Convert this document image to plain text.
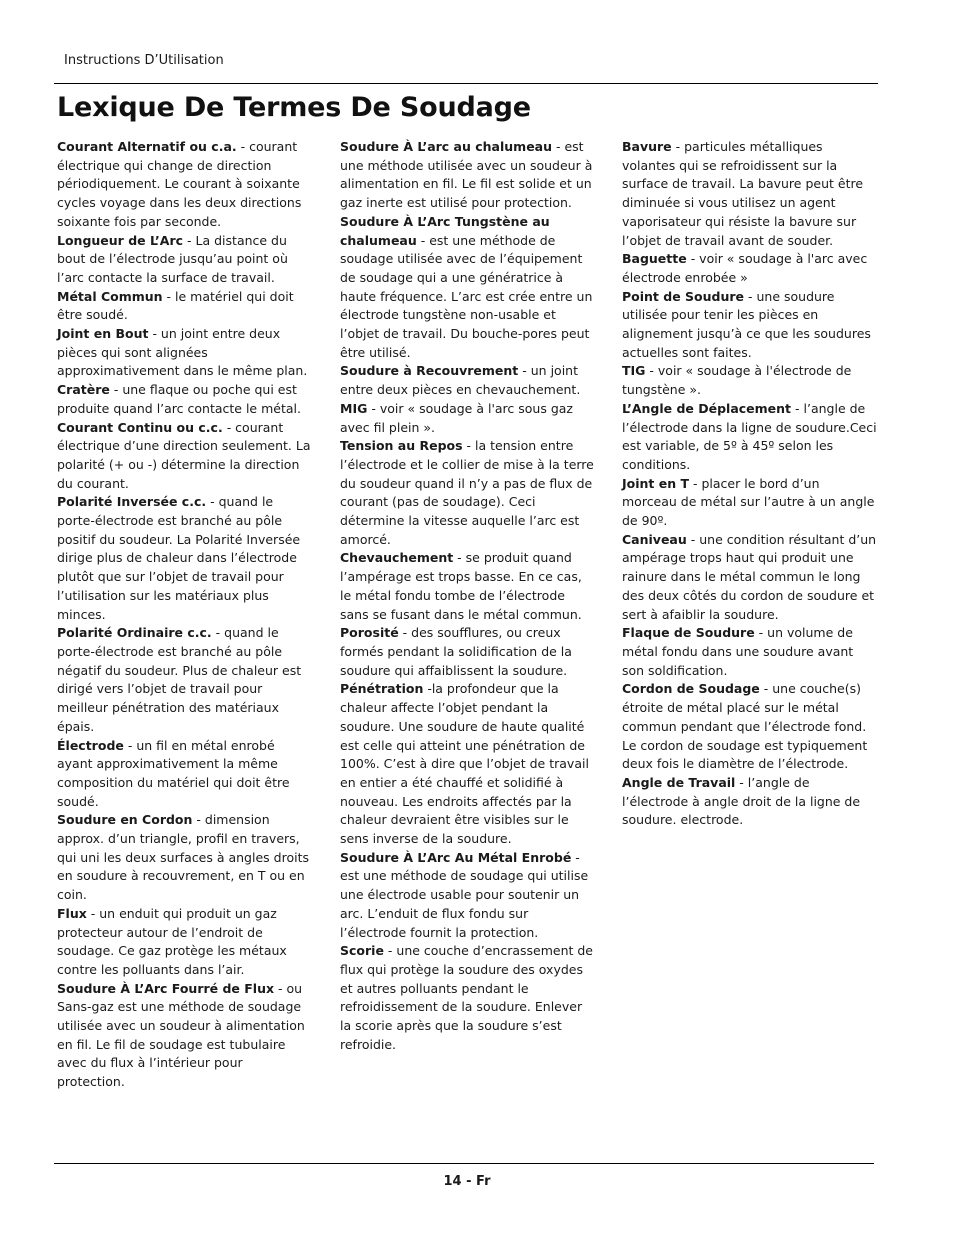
Instructions D’Utilisation
Lexique De Termes De Soudage

Courant Alternatif ou c.a. - courant électrique qui change de direction périodiquement. Le courant à soixante cycles voyage dans les deux directions soixante fois par seconde.

Longueur de L’Arc - La distance du bout de l’électrode jusqu’au point où l’arc contacte la surface de travail.

Métal Commun - le matériel qui doit être soudé.

Joint en Bout - un joint entre deux pièces qui sont alignées approximativement dans le même plan.

Cratère - une flaque ou poche qui est produite quand l’arc contacte le métal.

Courant Continu ou c.c. - courant électrique d’une direction seulement. La polarité (+ ou -) détermine la direction du courant.

Polarité Inversée c.c. - quand le porte-électrode est branché au pôle positif du soudeur. La Polarité Inversée dirige plus de chaleur dans l’électrode plutôt que sur l’objet de travail pour l’utilisation sur les matériaux plus minces.

Polarité Ordinaire c.c. - quand le porte-électrode est branché au pôle négatif du soudeur. Plus de chaleur est dirigé vers l’objet de travail pour meilleur pénétration des matériaux épais.

Électrode - un fil en métal enrobé ayant approximativement la même composition du matériel qui doit être soudé.

Soudure en Cordon - dimension approx. d’un triangle, profil en travers, qui uni les deux surfaces à angles droits en soudure à recouvrement, en T ou en coin.

Flux - un enduit qui produit un gaz protecteur autour de l’endroit de soudage. Ce gaz protège les métaux contre les polluants dans l’air.

Soudure À L’Arc Fourré de Flux - ou Sans-gaz est une méthode de soudage utilisée avec un soudeur à alimentation en fil. Le fil de soudage est tubulaire avec du flux à l’intérieur pour protection.

Soudure À L’arc au chalumeau - est une méthode utilisée avec un soudeur à alimentation en fil. Le fil est solide et un gaz inerte est utilisé pour protection.

Soudure À L’Arc Tungstène au chalumeau - est une méthode de soudage utilisée avec de l’équipement de soudage qui a une génératrice à haute fréquence. L’arc est crée entre un électrode tungstène non-usable et l’objet de travail. Du bouche-pores peut être utilisé.

Soudure à Recouvrement - un joint entre deux pièces en chevauchement.

MIG - voir « soudage à l'arc sous gaz avec fil plein ».

Tension au Repos - la tension entre l’électrode et le collier de mise à la terre du soudeur quand il n’y a pas de flux de courant (pas de soudage). Ceci détermine la vitesse auquelle l’arc est amorcé.

Chevauchement - se produit quand l’ampérage est trops basse. En ce cas, le métal fondu tombe de l’électrode sans se fusant dans le métal commun.

Porosité - des soufflures, ou creux formés pendant la solidification de la soudure qui affaiblissent la soudure.

Pénétration -la profondeur que la chaleur affecte l’objet pendant la soudure. Une soudure de haute qualité est celle qui atteint une pénétration de 100%. C’est à dire que l’objet de travail en entier a été chauffé et solidifié à nouveau. Les endroits affectés par la chaleur devraient être visibles sur le sens inverse de la soudure.

Soudure À L’Arc Au Métal Enrobé - est une méthode de soudage qui utilise une électrode usable pour soutenir un arc. L’enduit de flux fondu sur l’électrode fournit la protection.

Scorie - une couche d’encrassement de flux qui protège la soudure des oxydes et autres polluants pendant le refroidissement de la soudure. Enlever la scorie après que la soudure s’est refroidie.

Bavure - particules métalliques volantes qui se refroidissent sur la surface de travail. La bavure peut être diminuée si vous utilisez un agent vaporisateur qui résiste la bavure sur l’objet de travail avant de souder.

Baguette - voir « soudage à l'arc avec électrode enrobée »

Point de Soudure - une soudure utilisée pour tenir les pièces en alignement jusqu’à ce que les soudures actuelles sont faites.

TIG - voir « soudage à l'électrode de tungstène ».

L’Angle de Déplacement - l’angle de l’électrode dans la ligne de soudure.Ceci est variable, de 5º à 45º selon les conditions.

Joint en T - placer le bord d’un morceau de métal sur l’autre à un angle de 90º.

Caniveau - une condition résultant d’un ampérage trops haut qui produit une rainure dans le métal commun le long des deux côtés du cordon de soudure et sert à afaiblir la soudure.

Flaque de Soudure - un volume de métal fondu dans une soudure avant son soldification.

Cordon de Soudage - une couche(s) étroite de métal placé sur le métal commun pendant que l’électrode fond. Le cordon de soudage est typiquement deux fois le diamètre de l’électrode.

Angle de Travail - l’angle de l’électrode à angle droit de la ligne de soudure. electrode.

14 - Fr
